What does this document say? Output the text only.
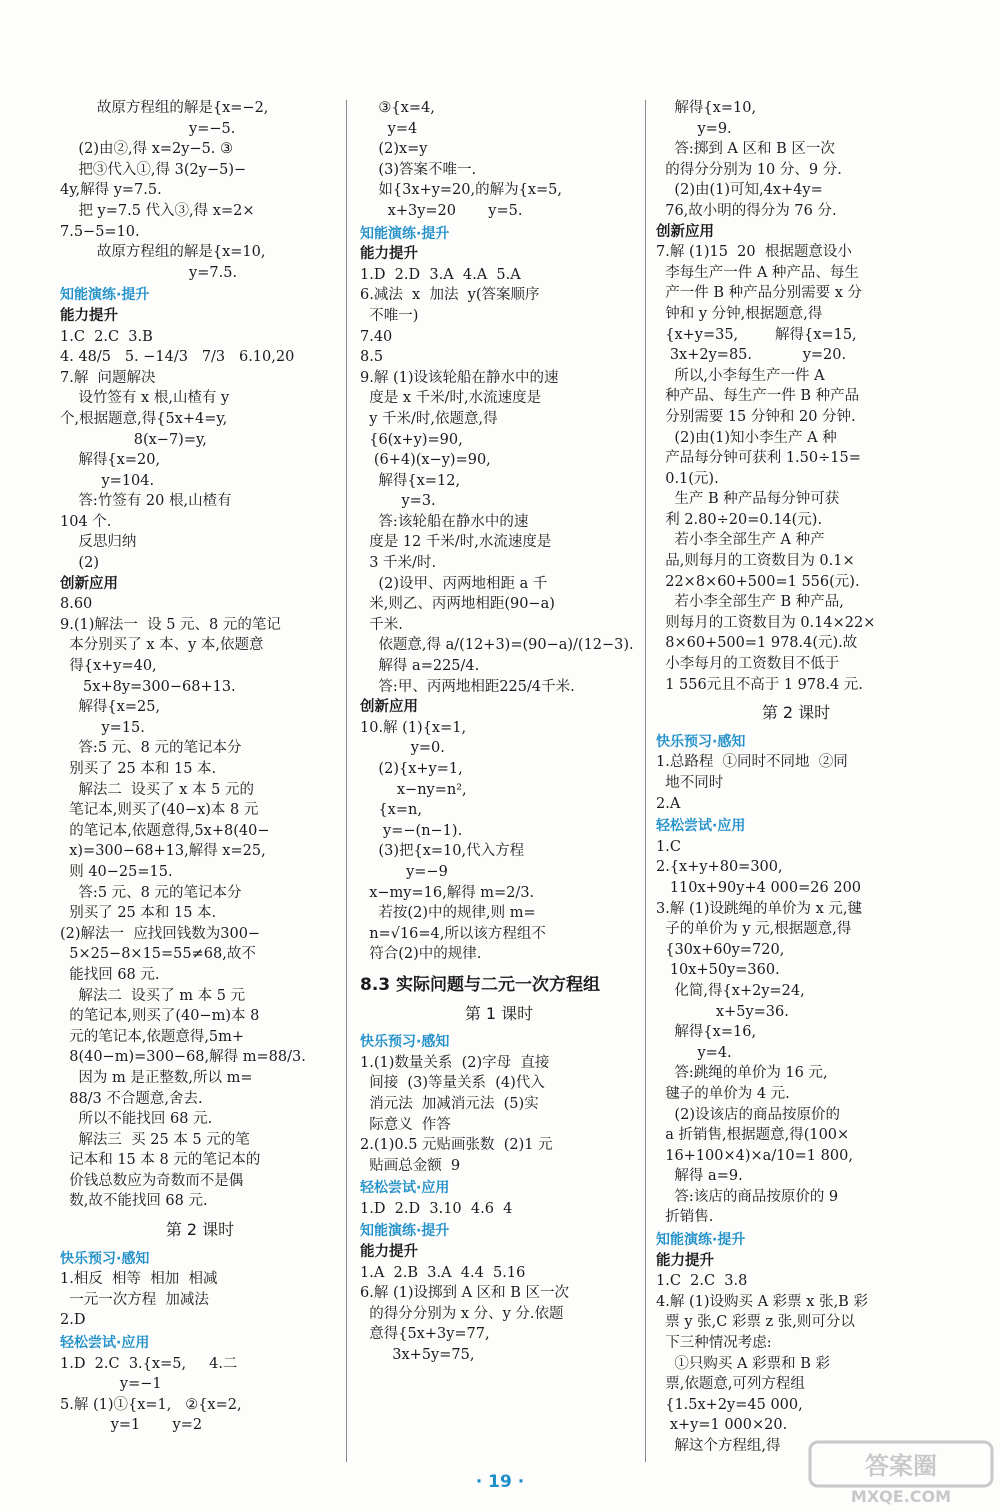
故原方程组的解是{x=−2,
y=−5.
(2)由②,得 x=2y−5. ③
把③代入①,得 3(2y−5)−
4y,解得 y=7.5.
把 y=7.5 代入③,得 x=2×
7.5−5=10.
故原方程组的解是{x=10,
y=7.5.
知能演练·提升
能力提升
1.C  2.C  3.B
4. 48/5   5. −14/3   7/3   6.10,20
7.解  问题解决
设竹签有 x 根,山楂有 y
个,根据题意,得{5x+4=y,
8(x−7)=y,
解得{x=20,
y=104.
答:竹签有 20 根,山楂有
104 个.
反思归纳
(2)
创新应用
8.60
9.(1)解法一  设 5 元、8 元的笔记
本分别买了 x 本、y 本,依题意
得{x+y=40,
5x+8y=300−68+13.
解得{x=25,
y=15.
答:5 元、8 元的笔记本分
别买了 25 本和 15 本.
解法二  设买了 x 本 5 元的
笔记本,则买了(40−x)本 8 元
的笔记本,依题意得,5x+8(40−
x)=300−68+13,解得 x=25,
则 40−25=15.
答:5 元、8 元的笔记本分
别买了 25 本和 15 本.
(2)解法一  应找回钱数为300−
5×25−8×15=55≠68,故不
能找回 68 元.
解法二  设买了 m 本 5 元
的笔记本,则买了(40−m)本 8
元的笔记本,依题意得,5m+
8(40−m)=300−68,解得 m=88/3.
因为 m 是正整数,所以 m=
88/3 不合题意,舍去.
所以不能找回 68 元.
解法三  买 25 本 5 元的笔
记本和 15 本 8 元的笔记本的
价钱总数应为奇数而不是偶
数,故不能找回 68 元.
第 2 课时
快乐预习·感知
1.相反  相等  相加  相减
一元一次方程  加减法
2.D
轻松尝试·应用
1.D  2.C  3.{x=5,     4.二
y=−1
5.解 (1)①{x=1,   ②{x=2,
y=1       y=2
③{x=4,
y=4
(2)x=y
(3)答案不唯一.
如{3x+y=20,的解为{x=5,
x+3y=20       y=5.
知能演练·提升
能力提升
1.D  2.D  3.A  4.A  5.A
6.减法  x  加法  y(答案顺序
不唯一)
7.40
8.5
9.解 (1)设该轮船在静水中的速
度是 x 千米/时,水流速度是
y 千米/时,依题意,得
{6(x+y)=90,
(6+4)(x−y)=90,
解得{x=12,
y=3.
答:该轮船在静水中的速
度是 12 千米/时,水流速度是
3 千米/时.
(2)设甲、丙两地相距 a 千
米,则乙、丙两地相距(90−a)
千米.
依题意,得 a/(12+3)=(90−a)/(12−3).
解得 a=225/4.
答:甲、丙两地相距225/4千米.
创新应用
10.解 (1){x=1,
y=0.
(2){x+y=1,
x−ny=n²,
{x=n,
y=−(n−1).
(3)把{x=10,代入方程
y=−9
x−my=16,解得 m=2/3.
若按(2)中的规律,则 m=
n=√16=4,所以该方程组不
符合(2)中的规律.
8.3 实际问题与二元一次方程组
第 1 课时
快乐预习·感知
1.(1)数量关系  (2)字母  直接
间接  (3)等量关系  (4)代入
消元法  加减消元法  (5)实
际意义  作答
2.(1)0.5 元贴画张数  (2)1 元
贴画总金额  9
轻松尝试·应用
1.D  2.D  3.10  4.6  4
知能演练·提升
能力提升
1.A  2.B  3.A  4.4  5.16
6.解 (1)设掷到 A 区和 B 区一次
的得分分别为 x 分、y 分.依题
意得{5x+3y=77,
3x+5y=75,
解得{x=10,
y=9.
答:掷到 A 区和 B 区一次
的得分分别为 10 分、9 分.
(2)由(1)可知,4x+4y=
76,故小明的得分为 76 分.
创新应用
7.解 (1)15  20  根据题意设小
李每生产一件 A 种产品、每生
产一件 B 种产品分别需要 x 分
钟和 y 分钟,根据题意,得
{x+y=35,        解得{x=15,
3x+2y=85.           y=20.
所以,小李每生产一件 A
种产品、每生产一件 B 种产品
分别需要 15 分钟和 20 分钟.
(2)由(1)知小李生产 A 种
产品每分钟可获利 1.50÷15=
0.1(元).
生产 B 种产品每分钟可获
利 2.80÷20=0.14(元).
若小李全部生产 A 种产
品,则每月的工资数目为 0.1×
22×8×60+500=1 556(元).
若小李全部生产 B 种产品,
则每月的工资数目为 0.14×22×
8×60+500=1 978.4(元).故
小李每月的工资数目不低于
1 556元且不高于 1 978.4 元.
第 2 课时
快乐预习·感知
1.总路程  ①同时不同地  ②同
地不同时
2.A
轻松尝试·应用
1.C
2.{x+y+80=300,
110x+90y+4 000=26 200
3.解 (1)设跳绳的单价为 x 元,毽
子的单价为 y 元,根据题意,得
{30x+60y=720,
10x+50y=360.
化简,得{x+2y=24,
x+5y=36.
解得{x=16,
y=4.
答:跳绳的单价为 16 元,
毽子的单价为 4 元.
(2)设该店的商品按原价的
a 折销售,根据题意,得(100×
16+100×4)×a/10=1 800,
解得 a=9.
答:该店的商品按原价的 9
折销售.
知能演练·提升
能力提升
1.C  2.C  3.8
4.解 (1)设购买 A 彩票 x 张,B 彩
票 y 张,C 彩票 z 张,则可分以
下三种情况考虑:
①只购买 A 彩票和 B 彩
票,依题意,可列方程组
{1.5x+2y=45 000,
x+y=1 000×20.
解这个方程组,得
· 19 ·
答案圈
MXQE.COM
